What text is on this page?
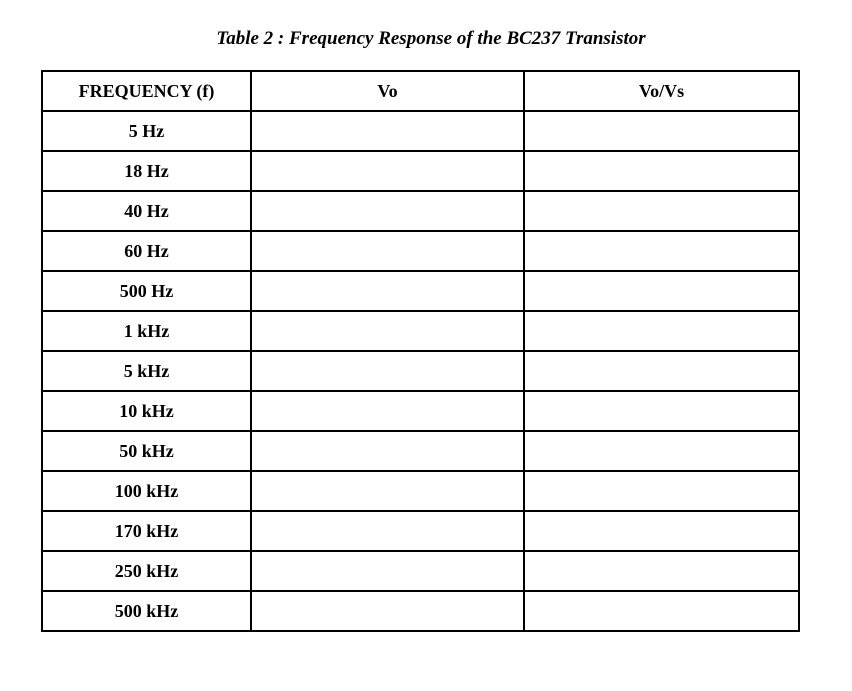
Table 2 : Frequency Response of the BC237 Transistor
FREQUENCY (f)	Vo	Vo/Vs
5 Hz		
18 Hz		
40 Hz		
60 Hz		
500 Hz		
1 kHz		
5 kHz		
10 kHz		
50 kHz		
100 kHz		
170 kHz		
250 kHz		
500 kHz		
